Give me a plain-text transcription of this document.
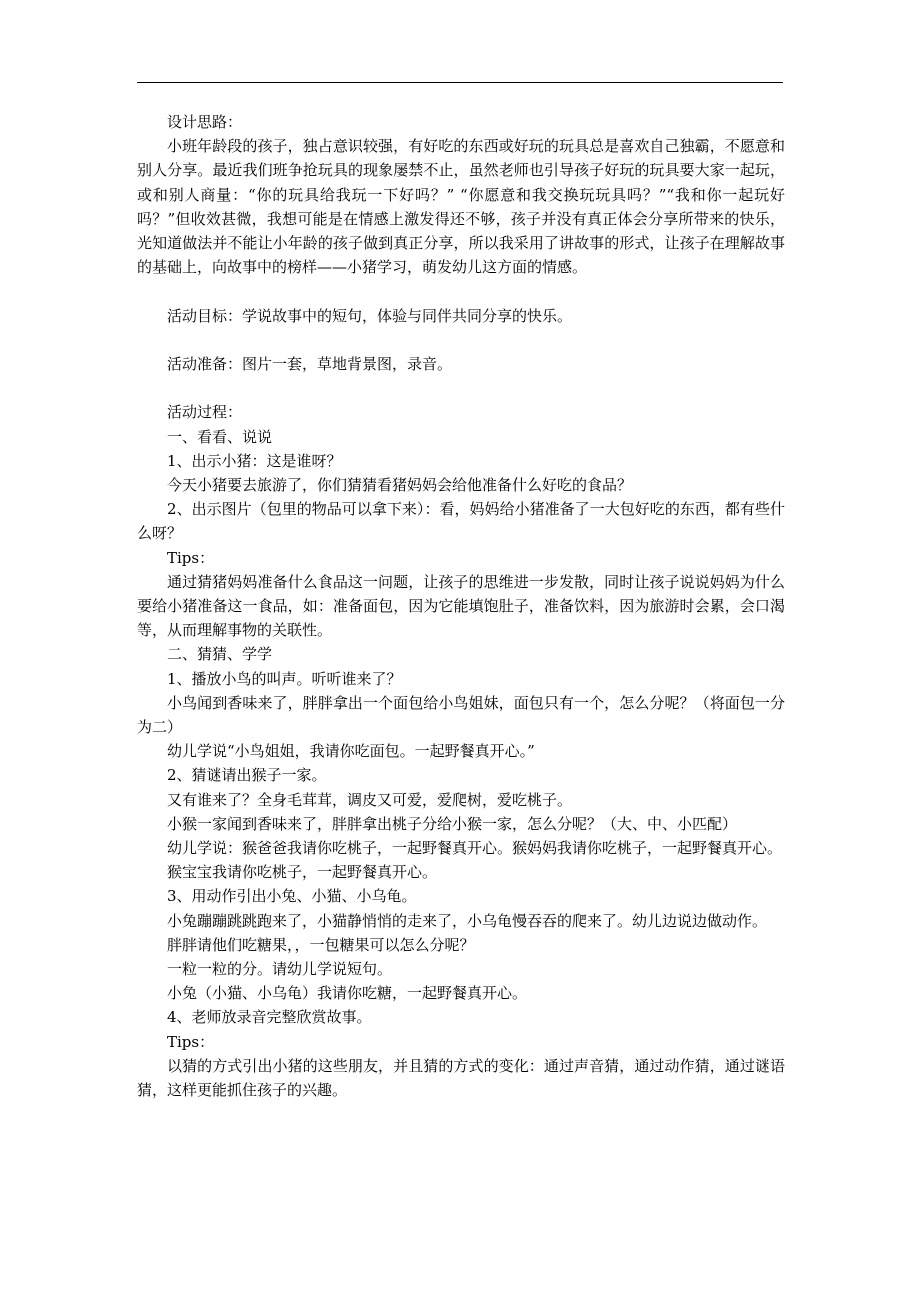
设计思路：

小班年龄段的孩子，独占意识较强，有好吃的东西或好玩的玩具总是喜欢自己独霸，不愿意和别人分享。最近我们班争抢玩具的现象屡禁不止，虽然老师也引导孩子好玩的玩具要大家一起玩，或和别人商量：“你的玩具给我玩一下好吗？” “你愿意和我交换玩玩具吗？”“我和你一起玩好吗？”但收效甚微，我想可能是在情感上激发得还不够，孩子并没有真正体会分享所带来的快乐，光知道做法并不能让小年龄的孩子做到真正分享，所以我采用了讲故事的形式，让孩子在理解故事的基础上，向故事中的榜样——小猪学习，萌发幼儿这方面的情感。

活动目标：学说故事中的短句，体验与同伴共同分享的快乐。

活动准备：图片一套，草地背景图，录音。

活动过程：

一、看看、说说

1、出示小猪：这是谁呀？

今天小猪要去旅游了，你们猜猜看猪妈妈会给他准备什么好吃的食品？

2、出示图片（包里的物品可以拿下来）：看，妈妈给小猪准备了一大包好吃的东西，都有些什么呀？

Tips：

通过猜猪妈妈准备什么食品这一问题，让孩子的思维进一步发散，同时让孩子说说妈妈为什么要给小猪准备这一食品，如：准备面包，因为它能填饱肚子，准备饮料，因为旅游时会累，会口渴等，从而理解事物的关联性。

二、猜猜、学学

1、播放小鸟的叫声。听听谁来了？

小鸟闻到香味来了，胖胖拿出一个面包给小鸟姐妹，面包只有一个，怎么分呢？（将面包一分为二）

幼儿学说“小鸟姐姐，我请你吃面包。一起野餐真开心。”

2、猜谜请出猴子一家。

又有谁来了？全身毛茸茸，调皮又可爱，爱爬树，爱吃桃子。

小猴一家闻到香味来了，胖胖拿出桃子分给小猴一家，怎么分呢？（大、中、小匹配）

幼儿学说：猴爸爸我请你吃桃子，一起野餐真开心。猴妈妈我请你吃桃子，一起野餐真开心。

猴宝宝我请你吃桃子，一起野餐真开心。

3、用动作引出小兔、小猫、小乌龟。

小兔蹦蹦跳跳跑来了，小猫静悄悄的走来了，小乌龟慢吞吞的爬来了。幼儿边说边做动作。

胖胖请他们吃糖果，，一包糖果可以怎么分呢？

一粒一粒的分。请幼儿学说短句。

小兔（小猫、小乌龟）我请你吃糖，一起野餐真开心。

4、老师放录音完整欣赏故事。

Tips：

以猜的方式引出小猪的这些朋友，并且猜的方式的变化：通过声音猜，通过动作猜，通过谜语猜，这样更能抓住孩子的兴趣。
